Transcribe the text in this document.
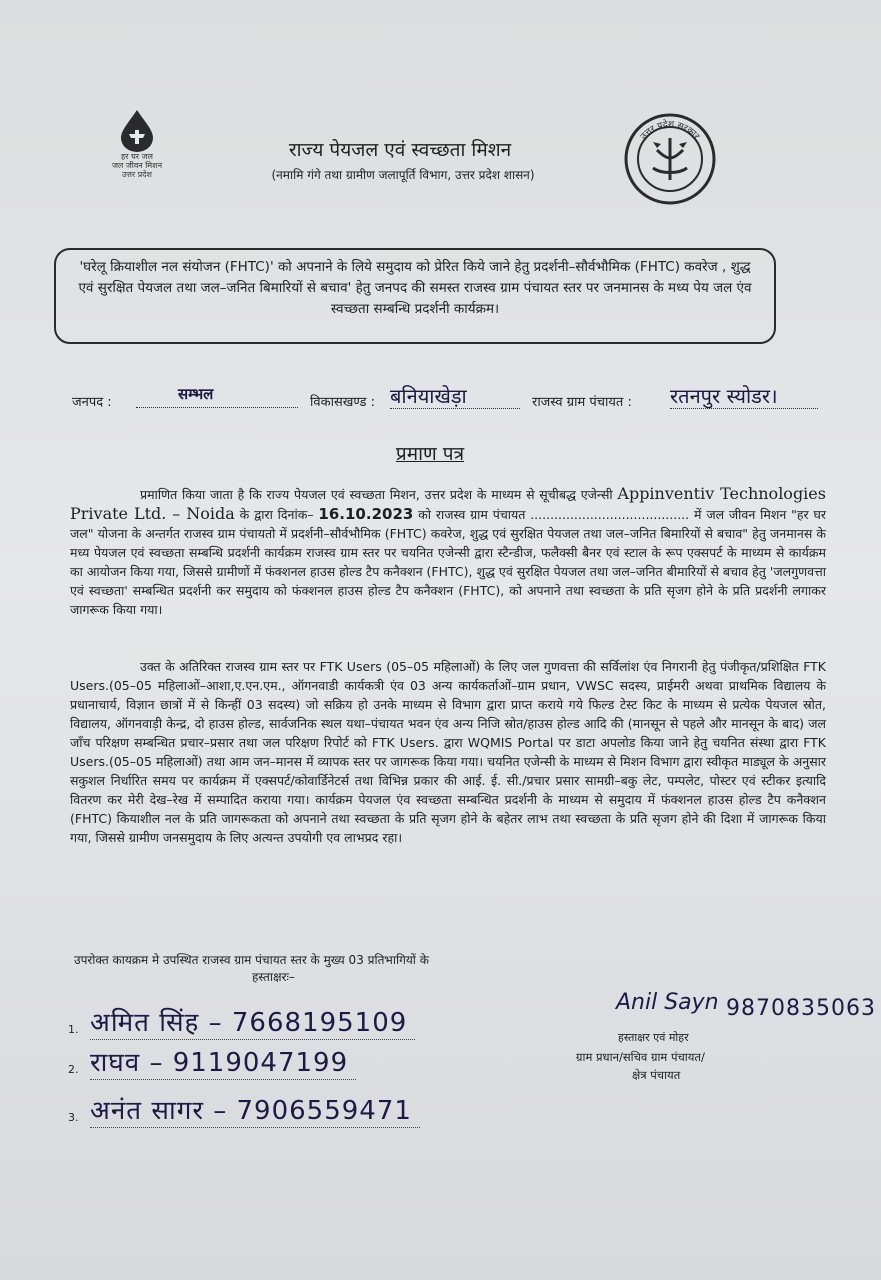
हर घर जल
जल जीवन मिशन
उत्तर प्रदेश
राज्य पेयजल एवं स्वच्छता मिशन
(नमामि गंगे तथा ग्रामीण जलापूर्ति विभाग, उत्तर प्रदेश शासन)
उत्तर प्रदेश सरकार
'घरेलू क्रियाशील नल संयोजन (FHTC)' को अपनाने के लिये समुदाय को प्रेरित किये जाने हेतु प्रदर्शनी–सौर्वभौमिक (FHTC) कवरेज , शुद्ध एवं सुरक्षित पेयजल तथा जल–जनित बिमारियों से बचाव' हेतु जनपद की समस्त राजस्व ग्राम पंचायत स्तर पर जनमानस के मध्य पेय जल एंव स्वच्छता सम्बन्धि प्रदर्शनी कार्यक्रम।
जनपद :	सम्भल	विकासखण्ड : बनियाखेड़ा	राजस्व ग्राम पंचायत : रतनपुर स्योडर।
प्रमाण पत्र
प्रमाणित किया जाता है कि राज्य पेयजल एवं स्वच्छता मिशन, उत्तर प्रदेश के माध्यम से सूचीबद्ध एजेन्सी Appinventiv Technologies Private Ltd. – Noida के द्वारा दिनांक– 16.10.2023 को राजस्व ग्राम पंचायत ........................................ में जल जीवन मिशन "हर घर जल" योजना के अन्तर्गत राजस्व ग्राम पंचायतो में प्रदर्शनी–सौर्वभौमिक (FHTC) कवरेज, शुद्ध एवं सुरक्षित पेयजल तथा जल–जनित बिमारियों से बचाव" हेतु जनमानस के मध्य पेयजल एवं स्वच्छता सम्बन्धि प्रदर्शनी कार्यक्रम राजस्व ग्राम स्तर पर चयनित एजेन्सी द्वारा स्टैन्डीज, फलैक्सी बैनर एवं स्टाल के रूप एक्सपर्ट के माध्यम से कार्यक्रम का आयोजन किया गया, जिससे ग्रामीणों में फंक्शनल हाउस होल्ड टैप कनैक्शन (FHTC), शुद्ध एवं सुरक्षित पेयजल तथा जल–जनित बीमारियों से बचाव हेतु 'जलगुणवत्ता एवं स्वच्छता' सम्बन्धित प्रदर्शनी कर समुदाय को फंक्शनल हाउस होल्ड टैप कनैक्शन (FHTC), को अपनाने तथा स्वच्छता के प्रति सृजग होने के प्रति प्रदर्शनी लगाकर जागरूक किया गया।
उक्त के अतिरिक्त राजस्व ग्राम स्तर पर FTK Users (05–05 महिलाओं) के लिए जल गुणवत्ता की सर्विलांश एंव निगरानी हेतु पंजीकृत/प्रशिक्षित FTK Users.(05–05 महिलाओं–आशा,ए.एन.एम., ऑगनवाडी कार्यकत्री एंव 03 अन्य कार्यकर्ताओं–ग्राम प्रधान, VWSC सदस्य, प्राईमरी अथवा प्राथमिक विद्यालय के प्रधानाचार्य, विज्ञान छात्रों में से किन्हीं 03 सदस्य) जो सक्रिय हो उनके माध्यम से विभाग द्वारा प्राप्त कराये गये फिल्ड टेस्ट किट के माध्यम से प्रत्येक पेयजल स्रोत, विद्यालय, ऑगनवाड़ी केन्द्र, दो हाउस होल्ड, सार्वजनिक स्थल यथा–पंचायत भवन एंव अन्य निजि स्रोत/हाउस होल्ड आदि की (मानसून से पहले और मानसून के बाद) जल जाँच परिक्षण सम्बन्धित प्रचार–प्रसार तथा जल परिक्षण रिपोर्ट को FTK Users. द्वारा WQMIS Portal पर डाटा अपलोड किया जाने हेतु चयनित संस्था द्वारा FTK Users.(05–05 महिलाओं) तथा आम जन–मानस में व्यापक स्तर पर जागरूक किया गया। चयनित एजेन्सी के माध्यम से मिशन विभाग द्वारा स्वीकृत माड्यूल के अनुसार सकुशल निर्धारित समय पर कार्यक्रम में एक्सपर्ट/कोवार्डिनेटर्स तथा विभिन्न प्रकार की आई. ई. सी./प्रचार प्रसार सामग्री–बकु लेट, पम्पलेट, पोस्टर एवं स्टीकर इत्यादि वितरण कर मेरी देख–रेख में सम्पादित कराया गया। कार्यक्रम पेयजल एंव स्वच्छता सम्बन्धित प्रदर्शनी के माध्यम से समुदाय में फंक्शनल हाउस होल्ड टैप कनैक्शन (FHTC) कियाशील नल के प्रति जागरूकता को अपनाने तथा स्वच्छता के प्रति सृजग होने के बहेतर लाभ तथा स्वच्छता के प्रति सृजग होने की दिशा में जागरूक किया गया, जिससे ग्रामीण जनसमुदाय के लिए अत्यन्त उपयोगी एव लाभप्रद रहा।
उपरोक्त कायक्रम मे उपस्थित राजस्व ग्राम पंचायत स्तर के मुख्य 03 प्रतिभागियों के
हस्ताक्षरः–
1. अमित सिंह – 7668195109
2. राघव – 9119047199
3. अनंत सागर – 7906559471
Anil Sayn 9870835063
हस्ताक्षर एवं मोहर
ग्राम प्रधान/सचिव ग्राम पंचायत/
क्षेत्र पंचायत
